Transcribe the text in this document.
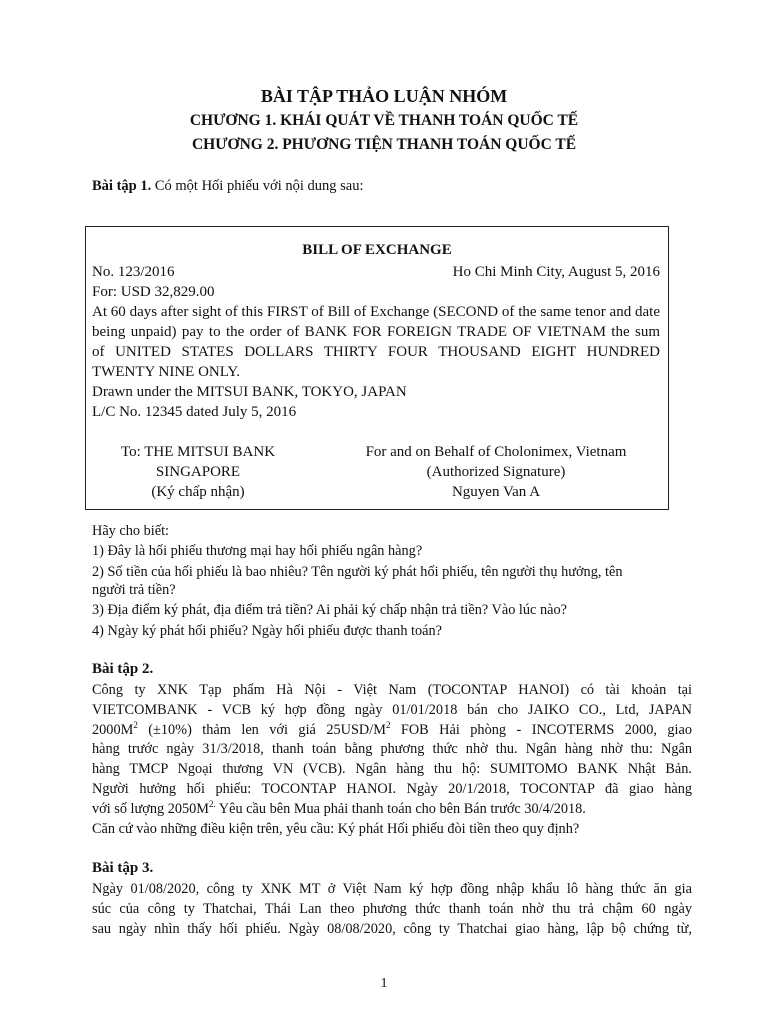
BÀI TẬP THẢO LUẬN NHÓM
CHƯƠNG 1. KHÁI QUÁT VỀ THANH TOÁN QUỐC TẾ
CHƯƠNG 2. PHƯƠNG TIỆN THANH TOÁN QUỐC TẾ
Bài tập 1. Có một Hối phiếu với nội dung sau:
BILL OF EXCHANGE
No. 123/2016	Ho Chi Minh City, August 5, 2016
For: USD 32,829.00
At 60 days after sight of this FIRST of Bill of Exchange (SECOND of the same tenor and date
being unpaid) pay to the order of BANK FOR FOREIGN TRADE OF VIETNAM the sum
of UNITED STATES DOLLARS THIRTY FOUR THOUSAND EIGHT HUNDRED
TWENTY NINE ONLY.
Drawn under the MITSUI BANK, TOKYO, JAPAN
L/C No. 12345 dated July 5, 2016
To: THE MITSUI BANK
SINGAPORE
(Ký chấp nhận)
For and on Behalf of Cholonimex, Vietnam
(Authorized Signature)
Nguyen Van A
Hãy cho biết:
1) Đây là hối phiếu thương mại hay hối phiếu ngân hàng?
2) Số tiền của hối phiếu là bao nhiêu? Tên người ký phát hối phiếu, tên người thụ hưởng, tên
người trả tiền?
3) Địa điểm ký phát, địa điểm trả tiền? Ai phải ký chấp nhận trả tiền? Vào lúc nào?
4) Ngày ký phát hối phiếu? Ngày hối phiếu được thanh toán?
Bài tập 2.
Công ty XNK Tạp phẩm Hà Nội - Việt Nam (TOCONTAP HANOI) có tài khoản tại
VIETCOMBANK - VCB ký hợp đồng ngày 01/01/2018 bán cho JAIKO CO., Ltd, JAPAN
$2000M^2$ (±10%) thảm len với giá $25USD/M^2$ FOB Hải phòng - INCOTERMS 2000, giao
hàng trước ngày 31/3/2018, thanh toán bằng phương thức nhờ thu. Ngân hàng nhờ thu: Ngân
hàng TMCP Ngoại thương VN (VCB). Ngân hàng thu hộ: SUMITOMO BANK Nhật Bản.
Người hưởng hối phiếu: TOCONTAP HANOI. Ngày 20/1/2018, TOCONTAP đã giao hàng
với số lượng $2050M^{2.}$ Yêu cầu bên Mua phải thanh toán cho bên Bán trước 30/4/2018.
Căn cứ vào những điều kiện trên, yêu cầu: Ký phát Hối phiếu đòi tiền theo quy định?
Bài tập 3.
Ngày 01/08/2020, công ty XNK MT ở Việt Nam ký hợp đồng nhập khẩu lô hàng thức ăn gia
súc của công ty Thatchai, Thái Lan theo phương thức thanh toán nhờ thu trả chậm 60 ngày
sau ngày nhìn thấy hối phiếu. Ngày 08/08/2020, công ty Thatchai giao hàng, lập bộ chứng từ,
1
